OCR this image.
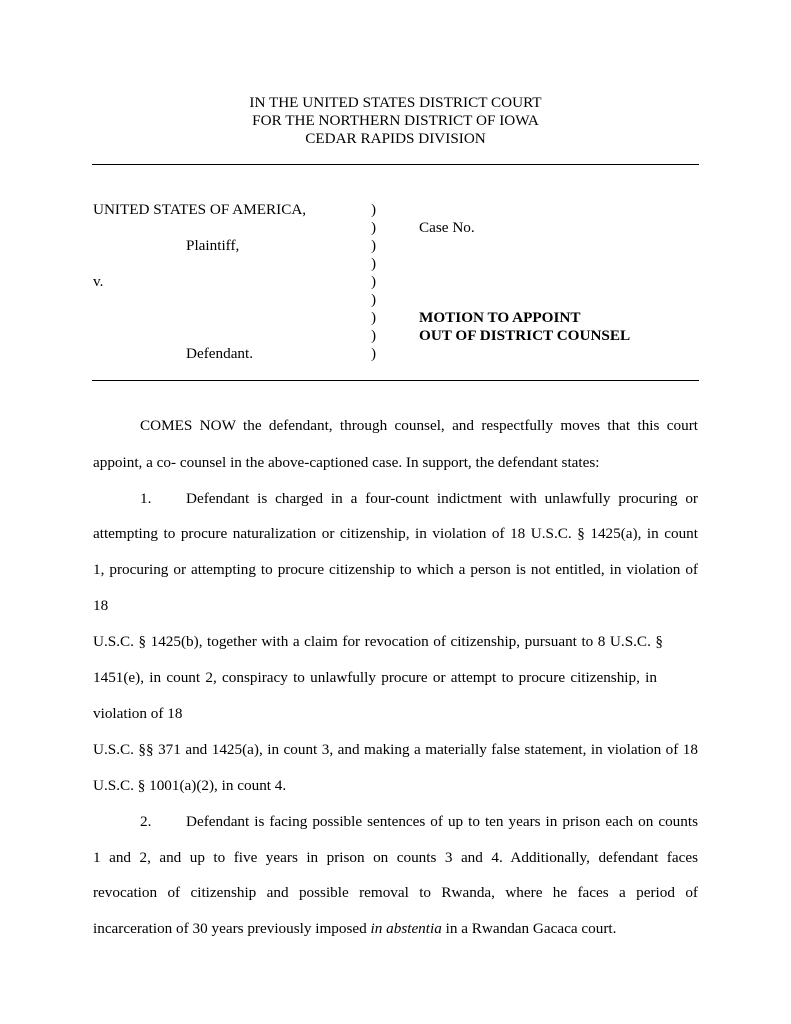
IN THE UNITED STATES DISTRICT COURT
FOR THE NORTHERN DISTRICT OF IOWA
CEDAR RAPIDS DIVISION
UNITED STATES OF AMERICA,
Plaintiff,
v.
Defendant.
)
)
)
)
)
)
)
)
)
Case No.
MOTION TO APPOINT
OUT OF DISTRICT COUNSEL
COMES NOW the defendant, through counsel, and respectfully moves that this court
appoint, a co- counsel in the above-captioned case. In support, the defendant states:
1. Defendant is charged in a four-count indictment with unlawfully procuring or
attempting to procure naturalization or citizenship, in violation of 18 U.S.C. § 1425(a), in count
1, procuring or attempting to procure citizenship to which a person is not entitled, in violation of
18
U.S.C. § 1425(b), together with a claim for revocation of citizenship, pursuant to 8 U.S.C. §
1451(e), in count 2, conspiracy to unlawfully procure or attempt to procure citizenship, in
violation of 18
U.S.C. §§ 371 and 1425(a), in count 3, and making a materially false statement, in violation of 18
U.S.C. § 1001(a)(2), in count 4.
2. Defendant is facing possible sentences of up to ten years in prison each on counts
1 and 2, and up to five years in prison on counts 3 and 4. Additionally, defendant faces
revocation of citizenship and possible removal to Rwanda, where he faces a period of
incarceration of 30 years previously imposed in abstentia in a Rwandan Gacaca court.
